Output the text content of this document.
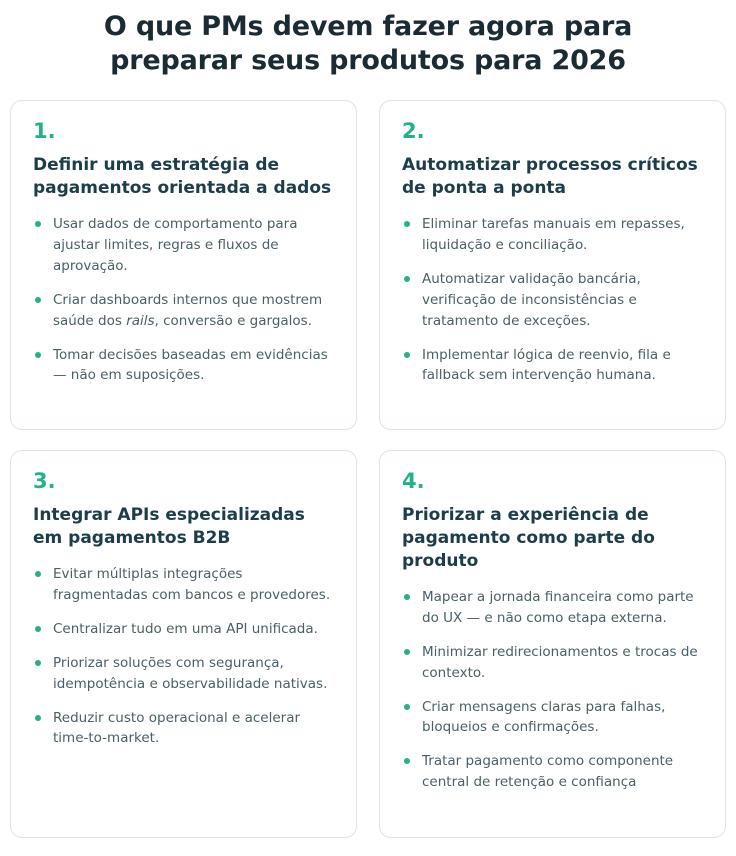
O que PMs devem fazer agora para preparar seus produtos para 2026
1.
Definir uma estratégia de pagamentos orientada a dados
Usar dados de comportamento para ajustar limites, regras e fluxos de aprovação.
Criar dashboards internos que mostrem saúde dos rails, conversão e gargalos.
Tomar decisões baseadas em evidências — não em suposições.
2.
Automatizar processos críticos de ponta a ponta
Eliminar tarefas manuais em repasses, liquidação e conciliação.
Automatizar validação bancária, verificação de inconsistências e tratamento de exceções.
Implementar lógica de reenvio, fila e fallback sem intervenção humana.
3.
Integrar APIs especializadas em pagamentos B2B
Evitar múltiplas integrações fragmentadas com bancos e provedores.
Centralizar tudo em uma API unificada.
Priorizar soluções com segurança, idempotência e observabilidade nativas.
Reduzir custo operacional e acelerar time-to-market.
4.
Priorizar a experiência de pagamento como parte do produto
Mapear a jornada financeira como parte do UX — e não como etapa externa.
Minimizar redirecionamentos e trocas de contexto.
Criar mensagens claras para falhas, bloqueios e confirmações.
Tratar pagamento como componente central de retenção e confiança
